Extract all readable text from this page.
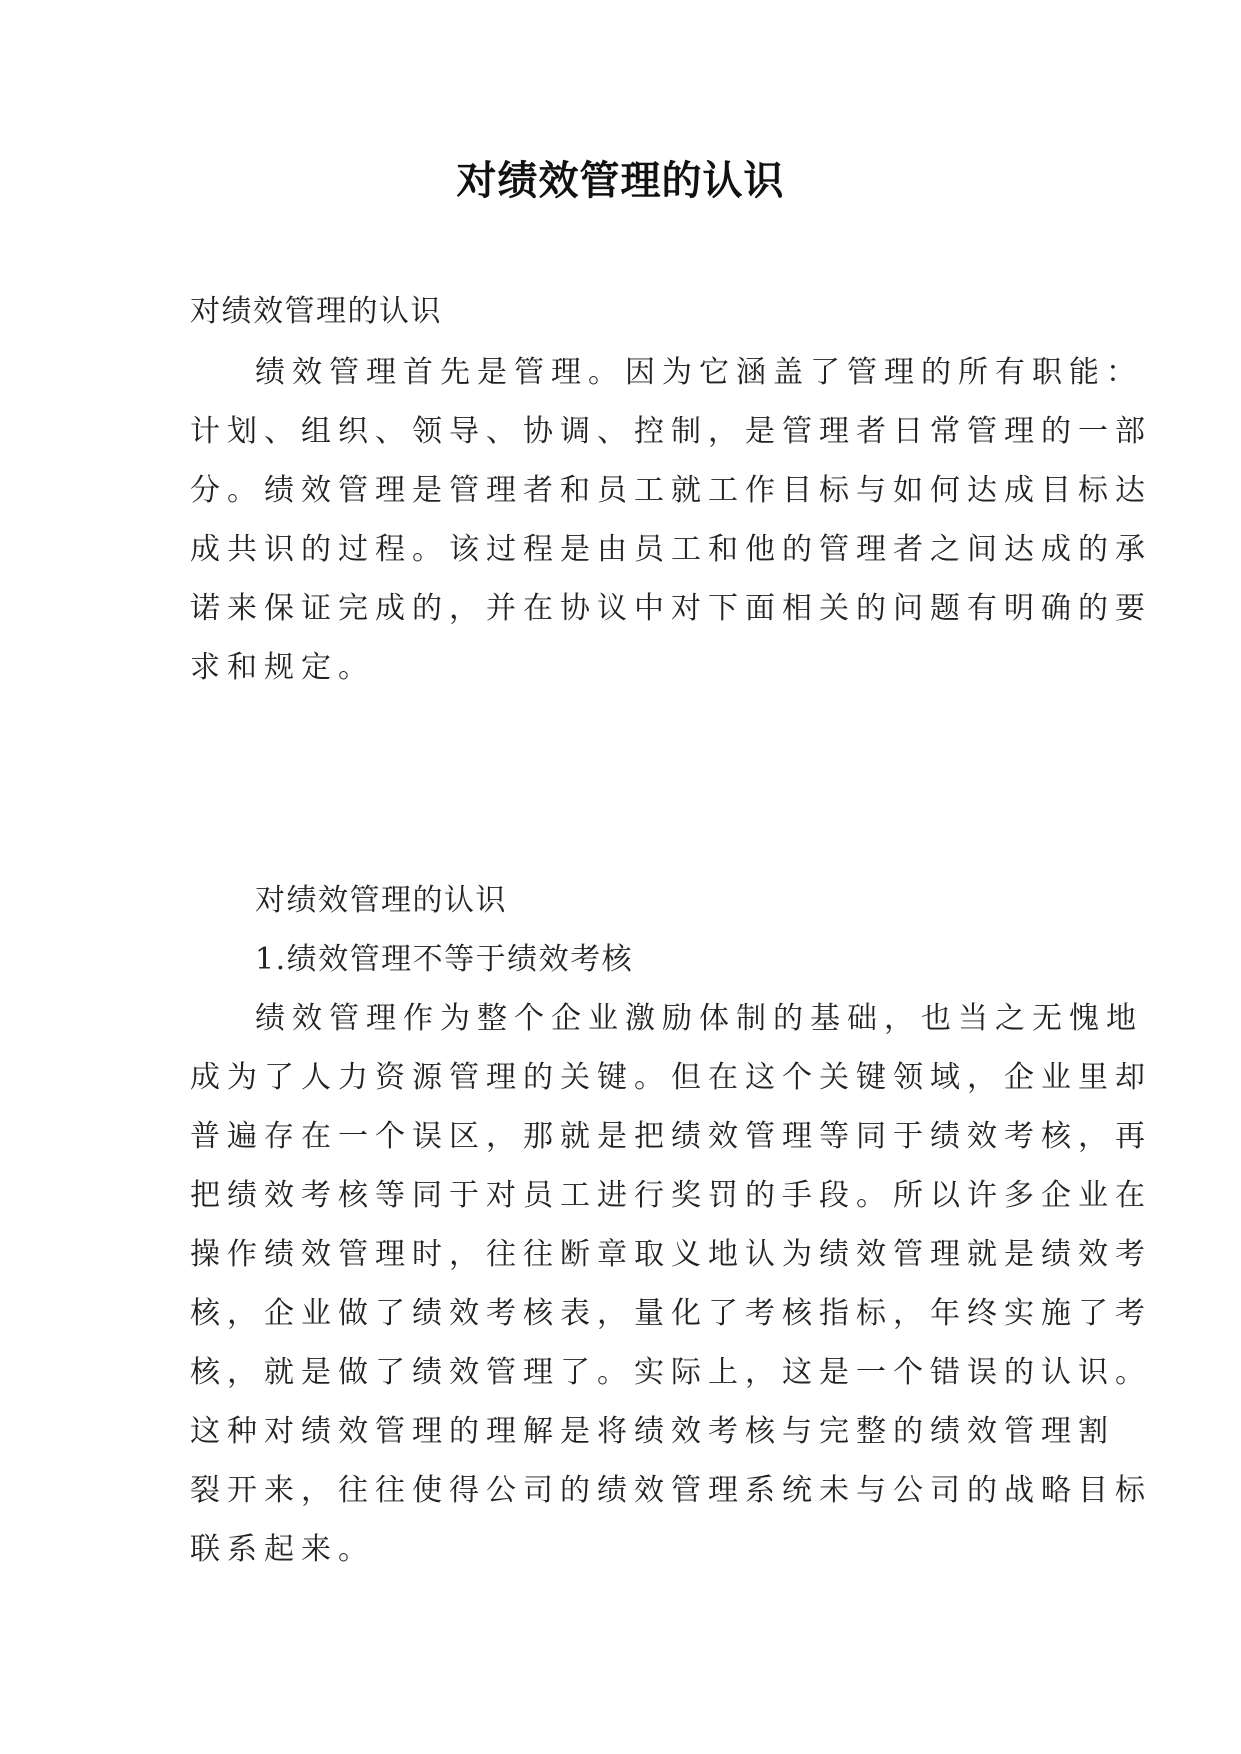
对绩效管理的认识
对绩效管理的认识
绩效管理首先是管理。因为它涵盖了管理的所有职能：
计划、组织、领导、协调、控制，是管理者日常管理的一部
分。绩效管理是管理者和员工就工作目标与如何达成目标达
成共识的过程。该过程是由员工和他的管理者之间达成的承
诺来保证完成的，并在协议中对下面相关的问题有明确的要
求和规定。
对绩效管理的认识
1.绩效管理不等于绩效考核
绩效管理作为整个企业激励体制的基础，也当之无愧地
成为了人力资源管理的关键。但在这个关键领域，企业里却
普遍存在一个误区，那就是把绩效管理等同于绩效考核，再
把绩效考核等同于对员工进行奖罚的手段。所以许多企业在
操作绩效管理时，往往断章取义地认为绩效管理就是绩效考
核，企业做了绩效考核表，量化了考核指标，年终实施了考
核，就是做了绩效管理了。实际上，这是一个错误的认识。
这种对绩效管理的理解是将绩效考核与完整的绩效管理割
裂开来，往往使得公司的绩效管理系统未与公司的战略目标
联系起来。
